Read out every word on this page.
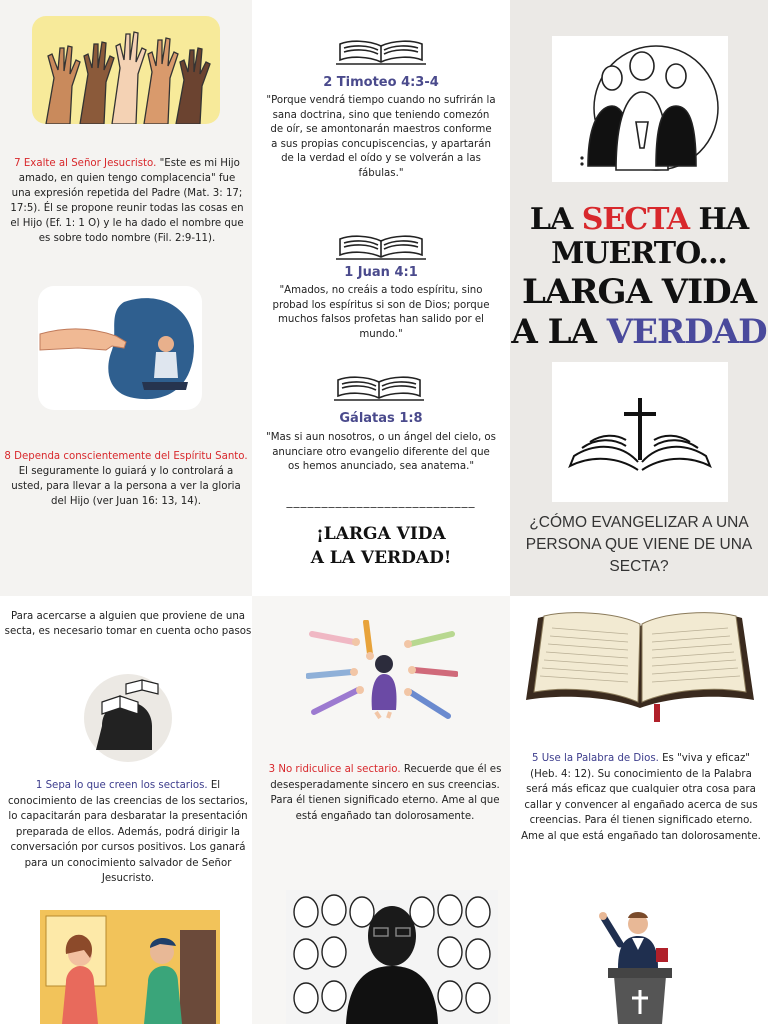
7 Exalte al Señor Jesucristo. "Este es mi Hijo amado, en quien tengo complacencia" fue una expresión repetida del Padre (Mat. 3: 17; 17:5). Él se propone reunir todas las cosas en el Hijo (Ef. 1: 1 O) y le ha dado el nombre que es sobre todo nombre (Fil. 2:9-11).
8 Dependa conscientemente del Espíritu Santo. El seguramente lo guiará y lo controlará a usted, para llevar a la persona a ver la gloria del Hijo (ver Juan 16: 13, 14).
2 Timoteo 4:3-4
"Porque vendrá tiempo cuando no sufrirán la sana doctrina, sino que teniendo comezón de oír, se amontonarán maestros conforme a sus propias concupiscencias, y apartarán de la verdad el oído y se volverán a las fábulas."
1 Juan 4:1
"Amados, no creáis a todo espíritu, sino probad los espíritus si son de Dios; porque muchos falsos profetas han salido por el mundo."
Gálatas 1:8
"Mas si aun nosotros, o un ángel del cielo, os anunciare otro evangelio diferente del que os hemos anunciado, sea anatema."
___________________________
¡LARGA VIDA
A LA VERDAD!
LA SECTA HA
MUERTO...
LARGA VIDA
A LA VERDAD
¿CÓMO EVANGELIZAR A UNA PERSONA QUE VIENE DE UNA SECTA?
Para acercarse a alguien que proviene de una secta, es necesario tomar en cuenta ocho pasos
1 Sepa lo que creen los sectarios. El conocimiento de las creencias de los sectarios, lo capacitarán para desbaratar la presentación preparada de ellos. Además, podrá dirigir la conversación por cursos positivos. Los ganará para un conocimiento salvador de Señor Jesucristo.
3 No ridiculice al sectario. Recuerde que él es desesperadamente sincero en sus creencias. Para él tienen significado eterno. Ame al que está engañado tan dolorosamente.
5 Use la Palabra de Dios. Es "viva y eficaz" (Heb. 4: 12). Su conocimiento de la Palabra será más eficaz que cualquier otra cosa para callar y convencer al engañado acerca de sus creencias. Para él tienen significado eterno. Ame al que está engañado tan dolorosamente.
